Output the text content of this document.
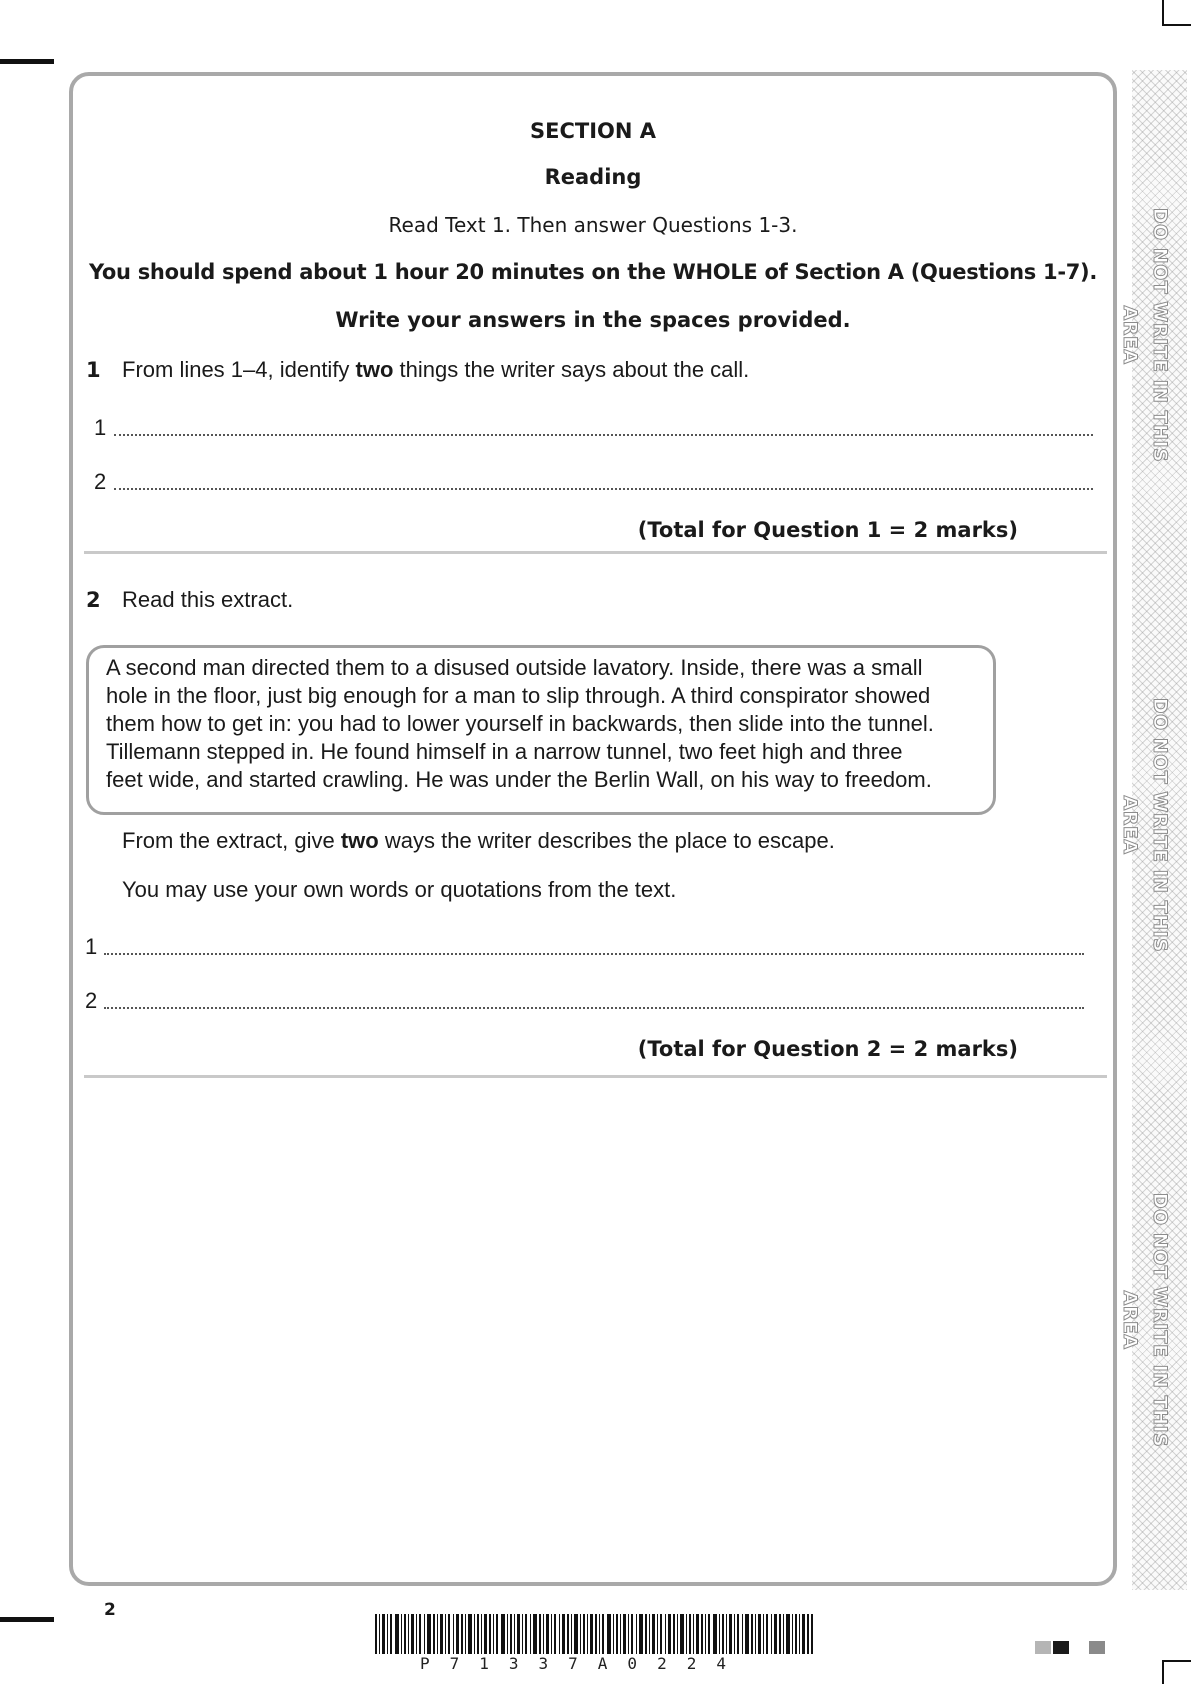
DO NOT WRITE IN THIS AREA
DO NOT WRITE IN THIS AREA
DO NOT WRITE IN THIS AREA
SECTION A
Reading
Read Text 1. Then answer Questions 1-3.
You should spend about 1 hour 20 minutes on the WHOLE of Section A (Questions 1-7).
Write your answers in the spaces provided.
1 From lines 1–4, identify two things the writer says about the call.
1
2
(Total for Question 1 = 2 marks)
2 Read this extract.
A second man directed them to a disused outside lavatory. Inside, there was a small
hole in the floor, just big enough for a man to slip through. A third conspirator showed
them how to get in: you had to lower yourself in backwards, then slide into the tunnel.
Tillemann stepped in. He found himself in a narrow tunnel, two feet high and three
feet wide, and started crawling. He was under the Berlin Wall, on his way to freedom.
From the extract, give two ways the writer describes the place to escape.
You may use your own words or quotations from the text.
1
2
(Total for Question 2 = 2 marks)
2
P71337A0224
